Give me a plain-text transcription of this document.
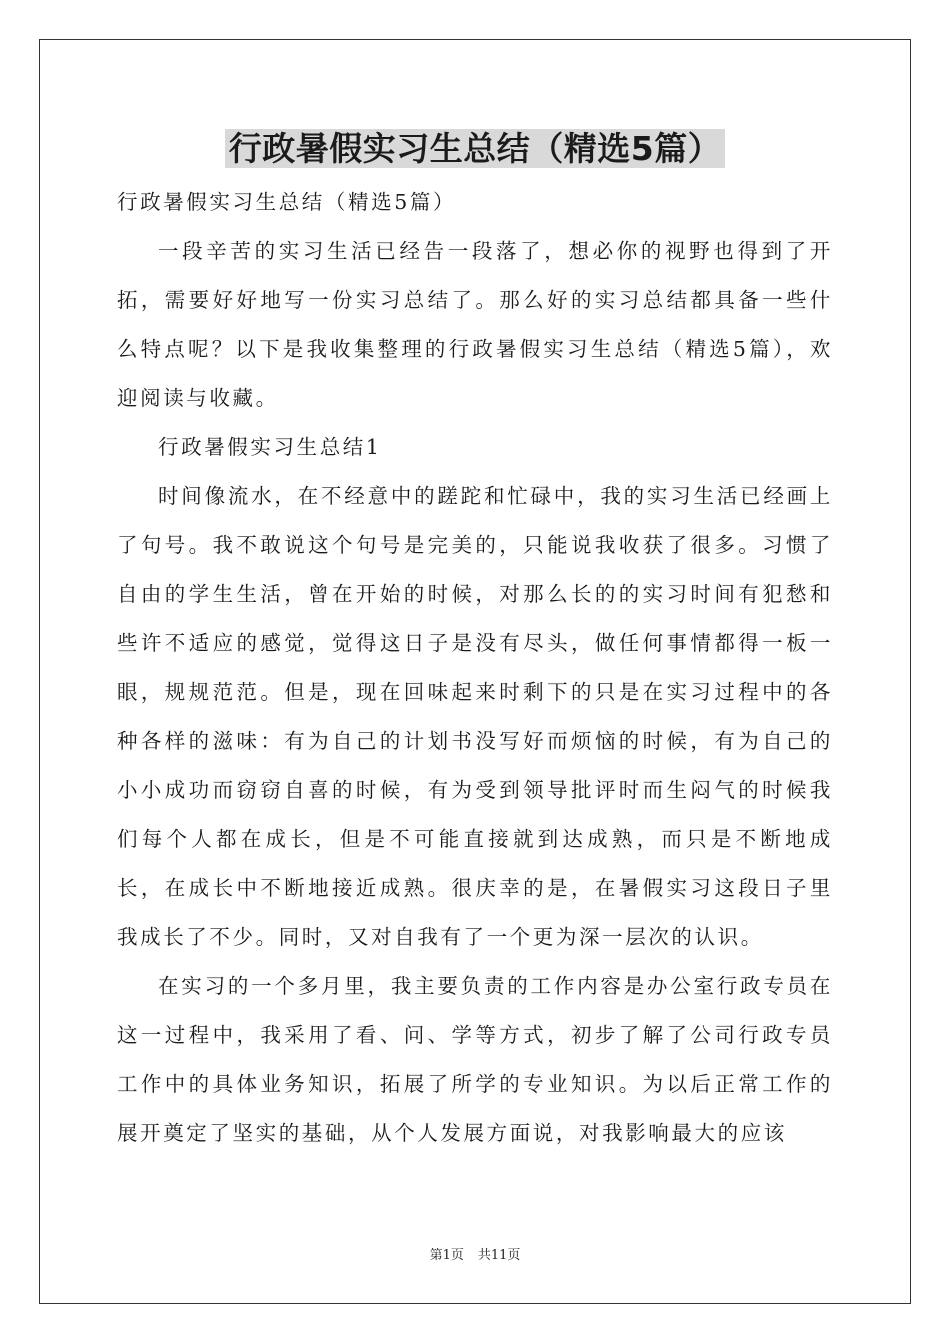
行政暑假实习生总结（精选5篇）

行政暑假实习生总结（精选5篇）

一段辛苦的实习生活已经告一段落了，想必你的视野也得到了开拓，需要好好地写一份实习总结了。那么好的实习总结都具备一些什么特点呢？以下是我收集整理的行政暑假实习生总结（精选5篇），欢迎阅读与收藏。

行政暑假实习生总结1

时间像流水，在不经意中的蹉跎和忙碌中，我的实习生活已经画上了句号。我不敢说这个句号是完美的，只能说我收获了很多。习惯了自由的学生生活，曾在开始的时候，对那么长的的实习时间有犯愁和些许不适应的感觉，觉得这日子是没有尽头，做任何事情都得一板一眼，规规范范。但是，现在回味起来时剩下的只是在实习过程中的各种各样的滋味：有为自己的计划书没写好而烦恼的时候，有为自己的小小成功而窃窃自喜的时候，有为受到领导批评时而生闷气的时候我们每个人都在成长，但是不可能直接就到达成熟，而只是不断地成长，在成长中不断地接近成熟。很庆幸的是，在暑假实习这段日子里我成长了不少。同时，又对自我有了一个更为深一层次的认识。

在实习的一个多月里，我主要负责的工作内容是办公室行政专员在这一过程中，我采用了看、问、学等方式，初步了解了公司行政专员工作中的具体业务知识，拓展了所学的专业知识。为以后正常工作的展开奠定了坚实的基础，从个人发展方面说，对我影响最大的应该

第1页 共11页
